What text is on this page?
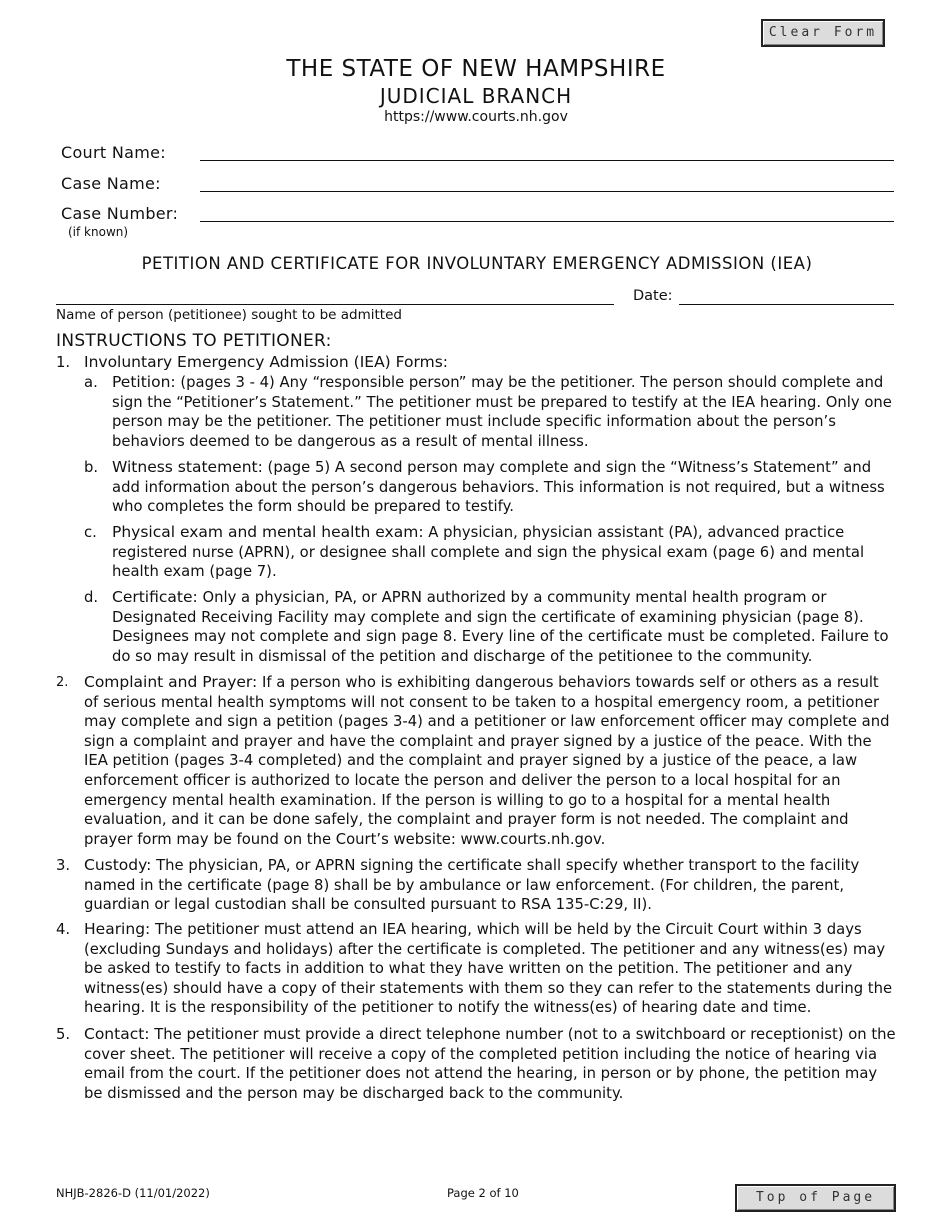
Clear Form
THE STATE OF NEW HAMPSHIRE
JUDICIAL BRANCH
https://www.courts.nh.gov
Court Name:
Case Name:
Case Number:
(if known)
PETITION AND CERTIFICATE FOR INVOLUNTARY EMERGENCY ADMISSION (IEA)
Name of person (petitionee) sought to be admitted
Date:
INSTRUCTIONS TO PETITIONER:
1. Involuntary Emergency Admission (IEA) Forms:
a. Petition: (pages 3 - 4) Any “responsible person” may be the petitioner. The person should complete and sign the “Petitioner’s Statement.” The petitioner must be prepared to testify at the IEA hearing. Only one person may be the petitioner. The petitioner must include specific information about the person’s behaviors deemed to be dangerous as a result of mental illness.
b. Witness statement: (page 5) A second person may complete and sign the “Witness’s Statement” and add information about the person’s dangerous behaviors. This information is not required, but a witness who completes the form should be prepared to testify.
c. Physical exam and mental health exam: A physician, physician assistant (PA), advanced practice registered nurse (APRN), or designee shall complete and sign the physical exam (page 6) and mental health exam (page 7).
d. Certificate: Only a physician, PA, or APRN authorized by a community mental health program or Designated Receiving Facility may complete and sign the certificate of examining physician (page 8). Designees may not complete and sign page 8. Every line of the certificate must be completed. Failure to do so may result in dismissal of the petition and discharge of the petitionee to the community.
2. Complaint and Prayer: If a person who is exhibiting dangerous behaviors towards self or others as a result of serious mental health symptoms will not consent to be taken to a hospital emergency room, a petitioner may complete and sign a petition (pages 3-4) and a petitioner or law enforcement officer may complete and sign a complaint and prayer and have the complaint and prayer signed by a justice of the peace. With the IEA petition (pages 3-4 completed) and the complaint and prayer signed by a justice of the peace, a law enforcement officer is authorized to locate the person and deliver the person to a local hospital for an emergency mental health examination. If the person is willing to go to a hospital for a mental health evaluation, and it can be done safely, the complaint and prayer form is not needed. The complaint and prayer form may be found on the Court’s website: www.courts.nh.gov.
3. Custody: The physician, PA, or APRN signing the certificate shall specify whether transport to the facility named in the certificate (page 8) shall be by ambulance or law enforcement. (For children, the parent, guardian or legal custodian shall be consulted pursuant to RSA 135-C:29, II).
4. Hearing: The petitioner must attend an IEA hearing, which will be held by the Circuit Court within 3 days (excluding Sundays and holidays) after the certificate is completed. The petitioner and any witness(es) may be asked to testify to facts in addition to what they have written on the petition. The petitioner and any witness(es) should have a copy of their statements with them so they can refer to the statements during the hearing. It is the responsibility of the petitioner to notify the witness(es) of hearing date and time.
5. Contact: The petitioner must provide a direct telephone number (not to a switchboard or receptionist) on the cover sheet. The petitioner will receive a copy of the completed petition including the notice of hearing via email from the court. If the petitioner does not attend the hearing, in person or by phone, the petition may be dismissed and the person may be discharged back to the community.
NHJB-2826-D (11/01/2022)	Page 2 of 10	Top of Page
